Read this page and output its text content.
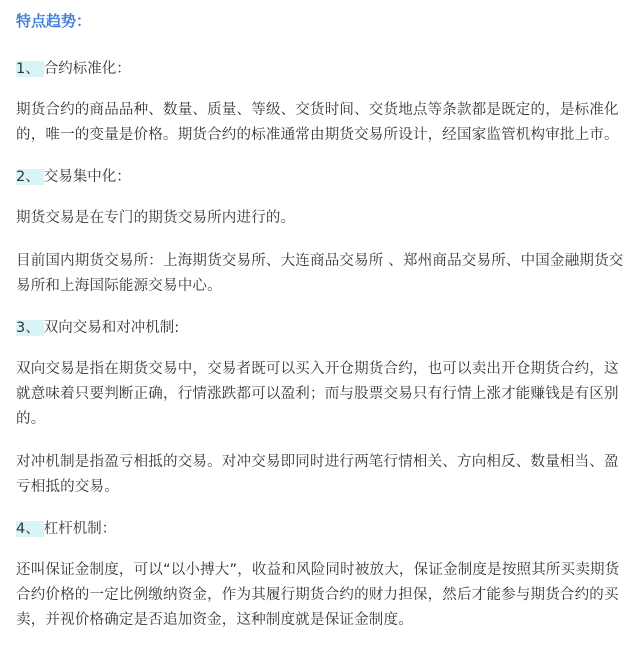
特点趋势：
1、 合约标准化：
期货合约的商品品种、数量、质量、等级、交货时间、交货地点等条款都是既定的，是标准化的，唯一的变量是价格。期货合约的标准通常由期货交易所设计，经国家监管机构审批上市。
2、 交易集中化：
期货交易是在专门的期货交易所内进行的。
目前国内期货交易所：上海期货交易所、大连商品交易所 、郑州商品交易所、中国金融期货交易所和上海国际能源交易中心。
3、 双向交易和对冲机制:
双向交易是指在期货交易中，交易者既可以买入开仓期货合约，也可以卖出开仓期货合约，这就意味着只要判断正确，行情涨跌都可以盈利；而与股票交易只有行情上涨才能赚钱是有区别的。
对冲机制是指盈亏相抵的交易。对冲交易即同时进行两笔行情相关、方向相反、数量相当、盈亏相抵的交易。
4、 杠杆机制：
还叫保证金制度，可以“以小搏大”，收益和风险同时被放大，保证金制度是按照其所买卖期货合约价格的一定比例缴纳资金，作为其履行期货合约的财力担保，然后才能参与期货合约的买卖，并视价格确定是否追加资金，这种制度就是保证金制度。
